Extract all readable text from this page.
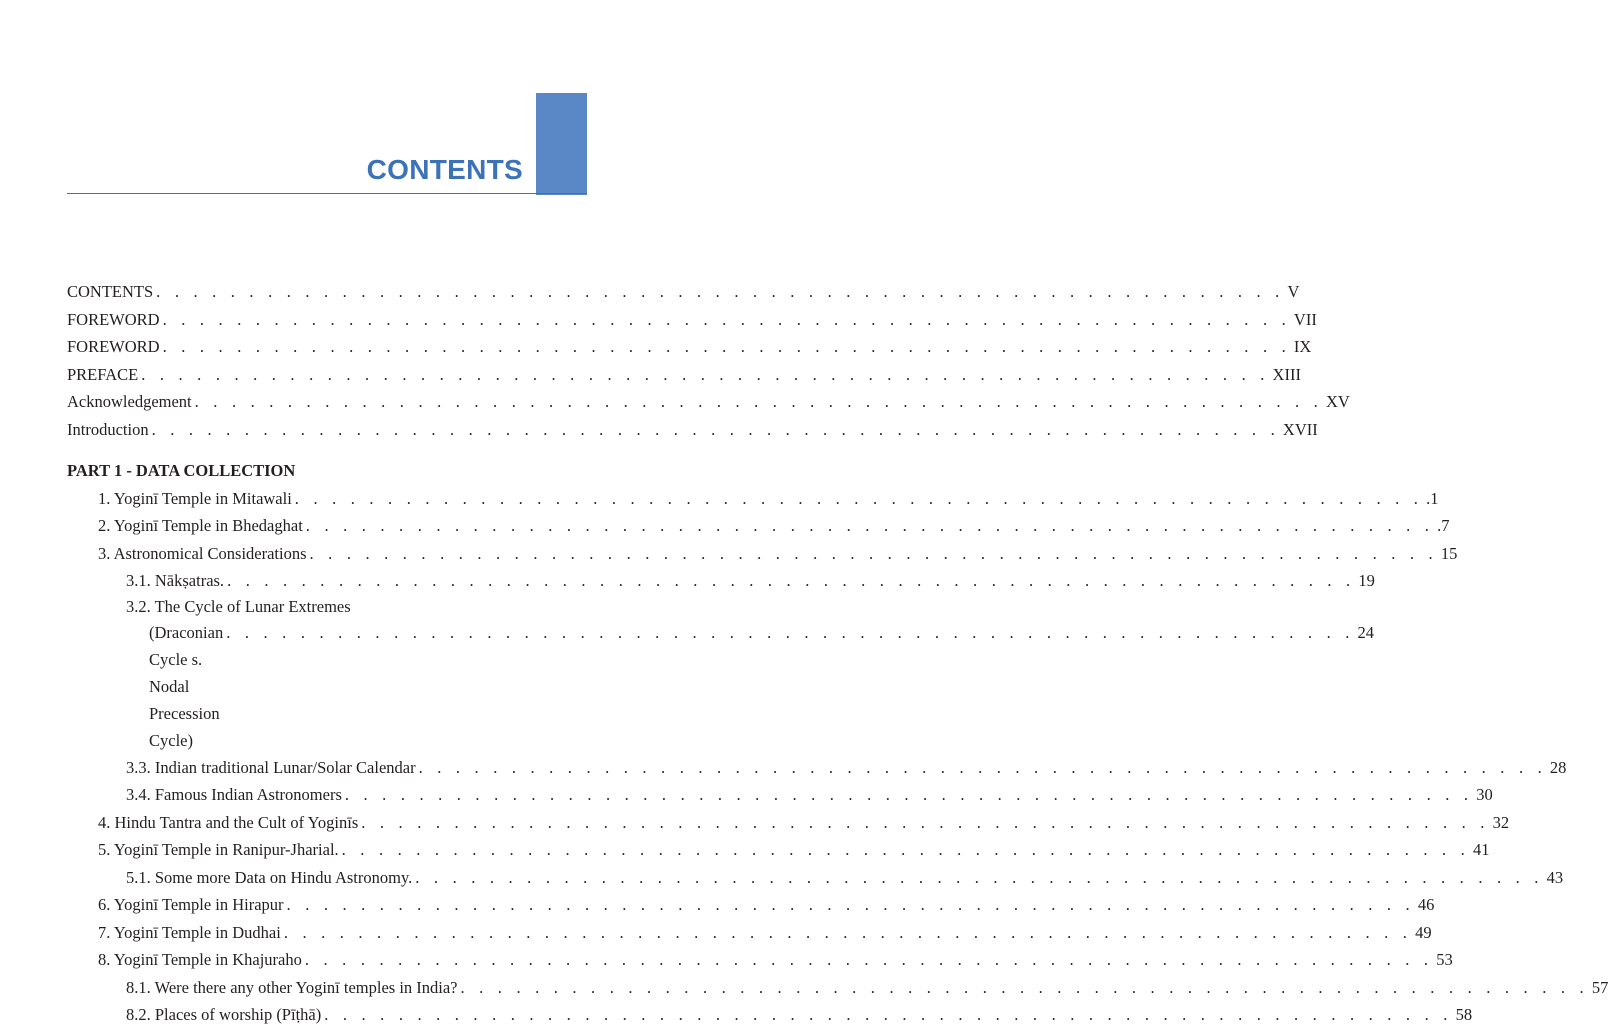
CONTENTS
CONTENTS . . . . . . . . . . . . . . . . . . . . . . . . . . . . . . . . . . . . . . . . . . . . . . . . . . . . . . . . . . . . . V
FOREWORD . . . . . . . . . . . . . . . . . . . . . . . . . . . . . . . . . . . . . . . . . . . . . . . . . . . . . . . . . . . . . VII
FOREWORD . . . . . . . . . . . . . . . . . . . . . . . . . . . . . . . . . . . . . . . . . . . . . . . . . . . . . . . . . . . . . IX
PREFACE . . . . . . . . . . . . . . . . . . . . . . . . . . . . . . . . . . . . . . . . . . . . . . . . . . . . . . . . . . . . . XIII
Acknowledgement . . . . . . . . . . . . . . . . . . . . . . . . . . . . . . . . . . . . . . . . . . . . . . . . . . . . . . . . . . . . . XV
Introduction . . . . . . . . . . . . . . . . . . . . . . . . . . . . . . . . . . . . . . . . . . . . . . . . . . . . . . . . . . . . . XVII
PART 1 - DATA COLLECTION
1. Yoginī Temple in Mitawali . . . . . . . . . . . . . . . . . . . . . . . . . . . . . . . . . . . . . . . . . . . . . . . . . . . . . . . . . . . . . .1
2. Yoginī Temple in Bhedaghat . . . . . . . . . . . . . . . . . . . . . . . . . . . . . . . . . . . . . . . . . . . . . . . . . . . . . . . . . . . . . .7
3. Astronomical Considerations . . . . . . . . . . . . . . . . . . . . . . . . . . . . . . . . . . . . . . . . . . . . . . . . . . . . . . . . . . . . . 15
3.1. Nākṣatras. . . . . . . . . . . . . . . . . . . . . . . . . . . . . . . . . . . . . . . . . . . . . . . . . . . . . . . . . . . . . . 19
3.2. The Cycle of Lunar Extremes
(Draconian Cycle s. Nodal Precession Cycle)
. . . . . . . . . . . . . . . . . . . . . . . . . . . . . . . . . . . . . . . . . . . . . . . . . . . . . . . . . . . . . 24
3.3. Indian traditional Lunar/Solar Calendar . . . . . . . . . . . . . . . . . . . . . . . . . . . . . . . . . . . . . . . . . . . . . . . . . . . . . . . . . . . . . 28
3.4. Famous Indian Astronomers . . . . . . . . . . . . . . . . . . . . . . . . . . . . . . . . . . . . . . . . . . . . . . . . . . . . . . . . . . . . . 30
4. Hindu Tantra and the Cult of Yoginīs . . . . . . . . . . . . . . . . . . . . . . . . . . . . . . . . . . . . . . . . . . . . . . . . . . . . . . . . . . . . . 32
5. Yoginī Temple in Ranipur-Jharial. . . . . . . . . . . . . . . . . . . . . . . . . . . . . . . . . . . . . . . . . . . . . . . . . . . . . . . . . . . . . . 41
5.1. Some more Data on Hindu Astronomy. . . . . . . . . . . . . . . . . . . . . . . . . . . . . . . . . . . . . . . . . . . . . . . . . . . . . . . . . . . . . . 43
6. Yoginī Temple in Hirapur . . . . . . . . . . . . . . . . . . . . . . . . . . . . . . . . . . . . . . . . . . . . . . . . . . . . . . . . . . . . . 46
7. Yoginī Temple in Dudhai . . . . . . . . . . . . . . . . . . . . . . . . . . . . . . . . . . . . . . . . . . . . . . . . . . . . . . . . . . . . . 49
8. Yoginī Temple in Khajuraho . . . . . . . . . . . . . . . . . . . . . . . . . . . . . . . . . . . . . . . . . . . . . . . . . . . . . . . . . . . . . 53
8.1. Were there any other Yoginī temples in India? . . . . . . . . . . . . . . . . . . . . . . . . . . . . . . . . . . . . . . . . . . . . . . . . . . . . . . . . . . . . . 57
8.2. Places of worship (Pīṭhā) . . . . . . . . . . . . . . . . . . . . . . . . . . . . . . . . . . . . . . . . . . . . . . . . . . . . . . . . . . . . . 58
